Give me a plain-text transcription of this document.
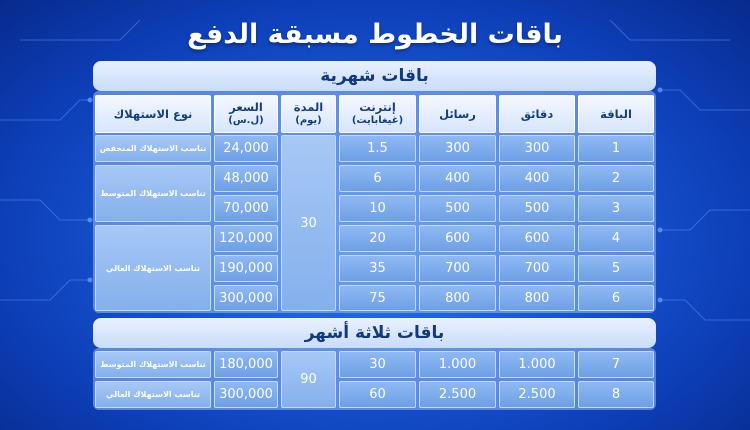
باقات الخطوط مسبقة الدفع
باقات شهرية
الباقة
دقائق
رسائل
إنترنت
(غيغابايت)
المدة
(يوم)
السعر
(ل.س)
نوع الاستهلاك
1
300
300
1.5
24,000
2
400
400
6
48,000
3
500
500
10
70,000
4
600
600
20
120,000
5
700
700
35
190,000
6
800
800
75
300,000
30
تناسب الاستهلاك المنخفض
تناسب الاستهلاك المتوسط
تناسب الاستهلاك العالي
باقات ثلاثة أشهر
7
1.000
1.000
30
180,000
تناسب الاستهلاك المتوسط
8
2.500
2.500
60
300,000
تناسب الاستهلاك العالي
90
